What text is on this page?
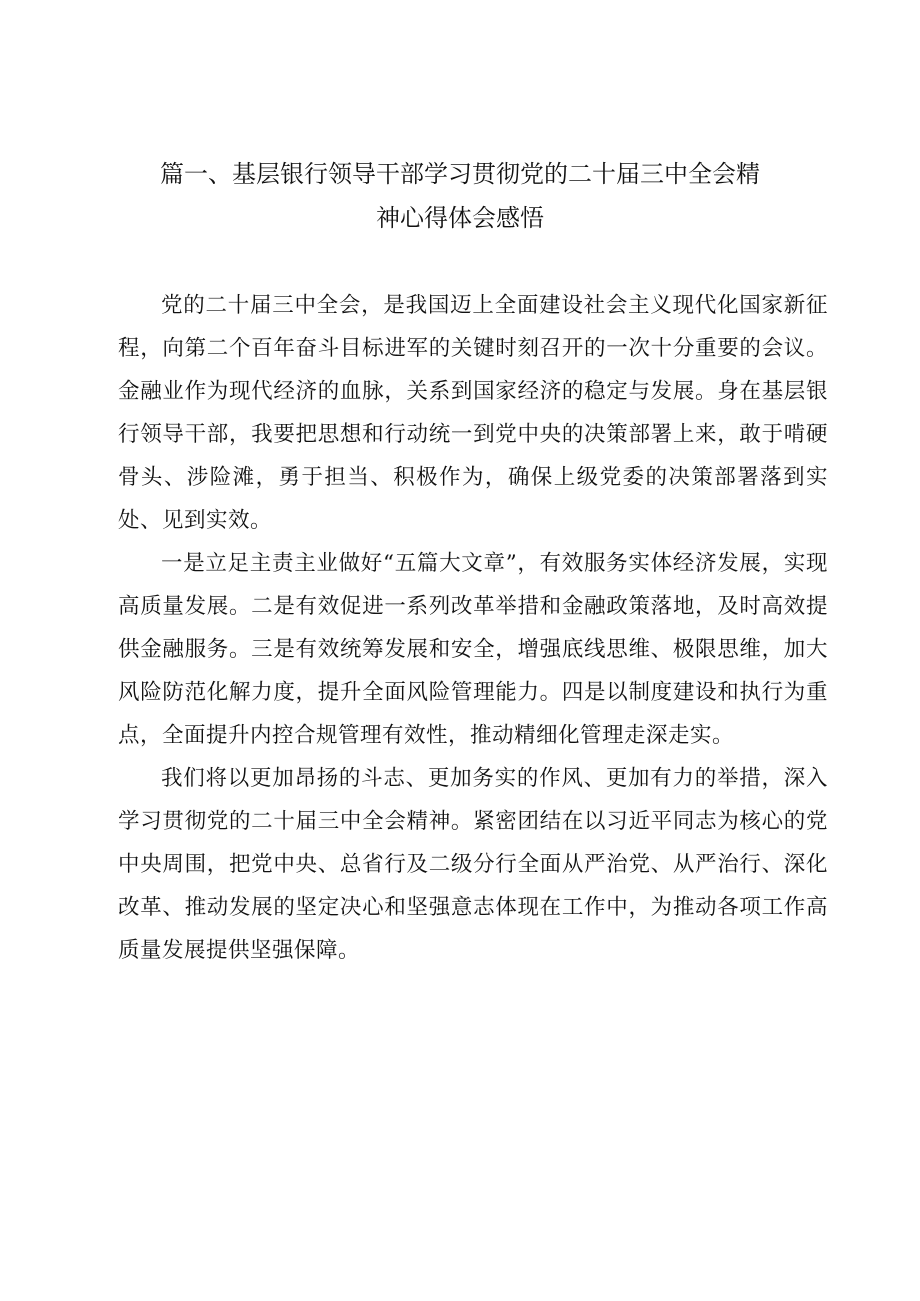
篇一、基层银行领导干部学习贯彻党的二十届三中全会精
神心得体会感悟

党的二十届三中全会，是我国迈上全面建设社会主义现代化国家新征程，向第二个百年奋斗目标进军的关键时刻召开的一次十分重要的会议。金融业作为现代经济的血脉，关系到国家经济的稳定与发展。身在基层银行领导干部，我要把思想和行动统一到党中央的决策部署上来，敢于啃硬骨头、涉险滩，勇于担当、积极作为，确保上级党委的决策部署落到实处、见到实效。

一是立足主责主业做好“五篇大文章”，有效服务实体经济发展，实现高质量发展。二是有效促进一系列改革举措和金融政策落地，及时高效提供金融服务。三是有效统筹发展和安全，增强底线思维、极限思维，加大风险防范化解力度，提升全面风险管理能力。四是以制度建设和执行为重点，全面提升内控合规管理有效性，推动精细化管理走深走实。

我们将以更加昂扬的斗志、更加务实的作风、更加有力的举措，深入学习贯彻党的二十届三中全会精神。紧密团结在以习近平同志为核心的党中央周围，把党中央、总省行及二级分行全面从严治党、从严治行、深化改革、推动发展的坚定决心和坚强意志体现在工作中，为推动各项工作高质量发展提供坚强保障。
